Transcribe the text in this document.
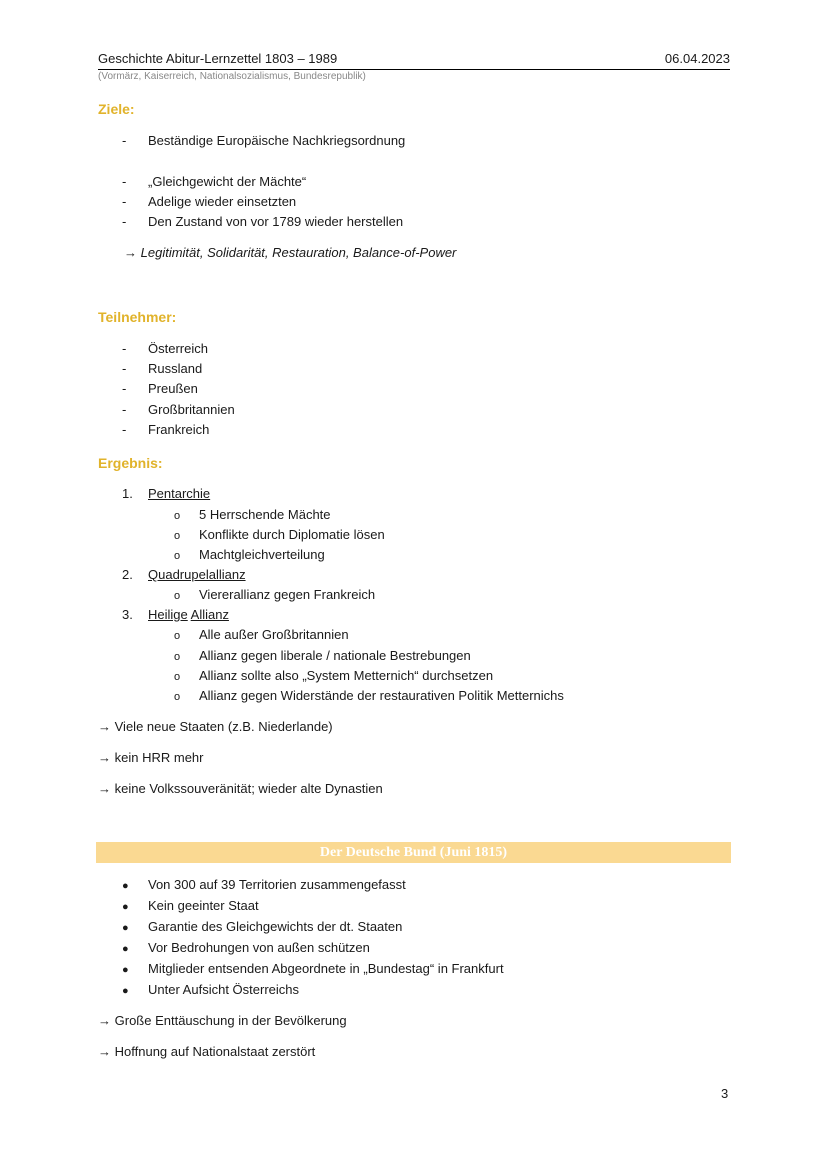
Geschichte Abitur-Lernzettel 1803 – 1989	06.04.2023
(Vormärz, Kaiserreich, Nationalsozialismus, Bundesrepublik)
Ziele:
- Beständige Europäische Nachkriegsordnung
- „Gleichgewicht der Mächte“
- Adelige wieder einsetzten
- Den Zustand von vor 1789 wieder herstellen
→ Legitimität, Solidarität, Restauration, Balance-of-Power
Teilnehmer:
- Österreich
- Russland
- Preußen
- Großbritannien
- Frankreich
Ergebnis:
1. Pentarchie
o 5 Herrschende Mächte
o Konflikte durch Diplomatie lösen
o Machtgleichverteilung
2. Quadrupelallianz
o Viererallianz gegen Frankreich
3. Heilige Allianz
o Alle außer Großbritannien
o Allianz gegen liberale / nationale Bestrebungen
o Allianz sollte also „System Metternich“ durchsetzen
o Allianz gegen Widerstände der restaurativen Politik Metternichs
→ Viele neue Staaten (z.B. Niederlande)
→ kein HRR mehr
→ keine Volkssouveränität; wieder alte Dynastien
Der Deutsche Bund (Juni 1815)
● Von 300 auf 39 Territorien zusammengefasst
● Kein geeinter Staat
● Garantie des Gleichgewichts der dt. Staaten
● Vor Bedrohungen von außen schützen
● Mitglieder entsenden Abgeordnete in „Bundestag“ in Frankfurt
● Unter Aufsicht Österreichs
→ Große Enttäuschung in der Bevölkerung
→ Hoffnung auf Nationalstaat zerstört
3
